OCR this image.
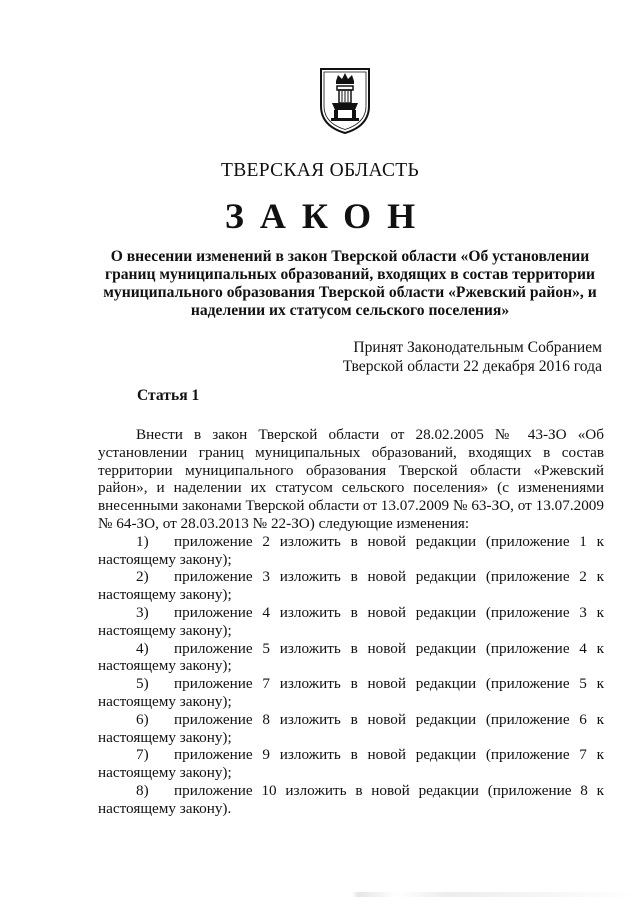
ТВЕРСКАЯ ОБЛАСТЬ
ЗАКОН
О внесении изменений в закон Тверской области «Об установлении границ муниципальных образований, входящих в состав территории муниципального образования Тверской области «Ржевский район», и наделении их статусом сельского поселения»
Принят Законодательным Собранием
Тверской области 22 декабря 2016 года
Статья 1

Внести в закон Тверской области от 28.02.2005 № 43-ЗО «Об установлении границ муниципальных образований, входящих в состав территории муниципального образования Тверской области «Ржевский район», и наделении их статусом сельского поселения» (с изменениями внесенными законами Тверской области от 13.07.2009 № 63-ЗО, от 13.07.2009 № 64-ЗО, от 28.03.2013 № 22-ЗО) следующие изменения:

1) приложение 2 изложить в новой редакции (приложение 1 к настоящему закону);

2) приложение 3 изложить в новой редакции (приложение 2 к настоящему закону);

3) приложение 4 изложить в новой редакции (приложение 3 к настоящему закону);

4) приложение 5 изложить в новой редакции (приложение 4 к настоящему закону);

5) приложение 7 изложить в новой редакции (приложение 5 к настоящему закону);

6) приложение 8 изложить в новой редакции (приложение 6 к настоящему закону);

7) приложение 9 изложить в новой редакции (приложение 7 к настоящему закону);

8) приложение 10 изложить в новой редакции (приложение 8 к настоящему закону).
